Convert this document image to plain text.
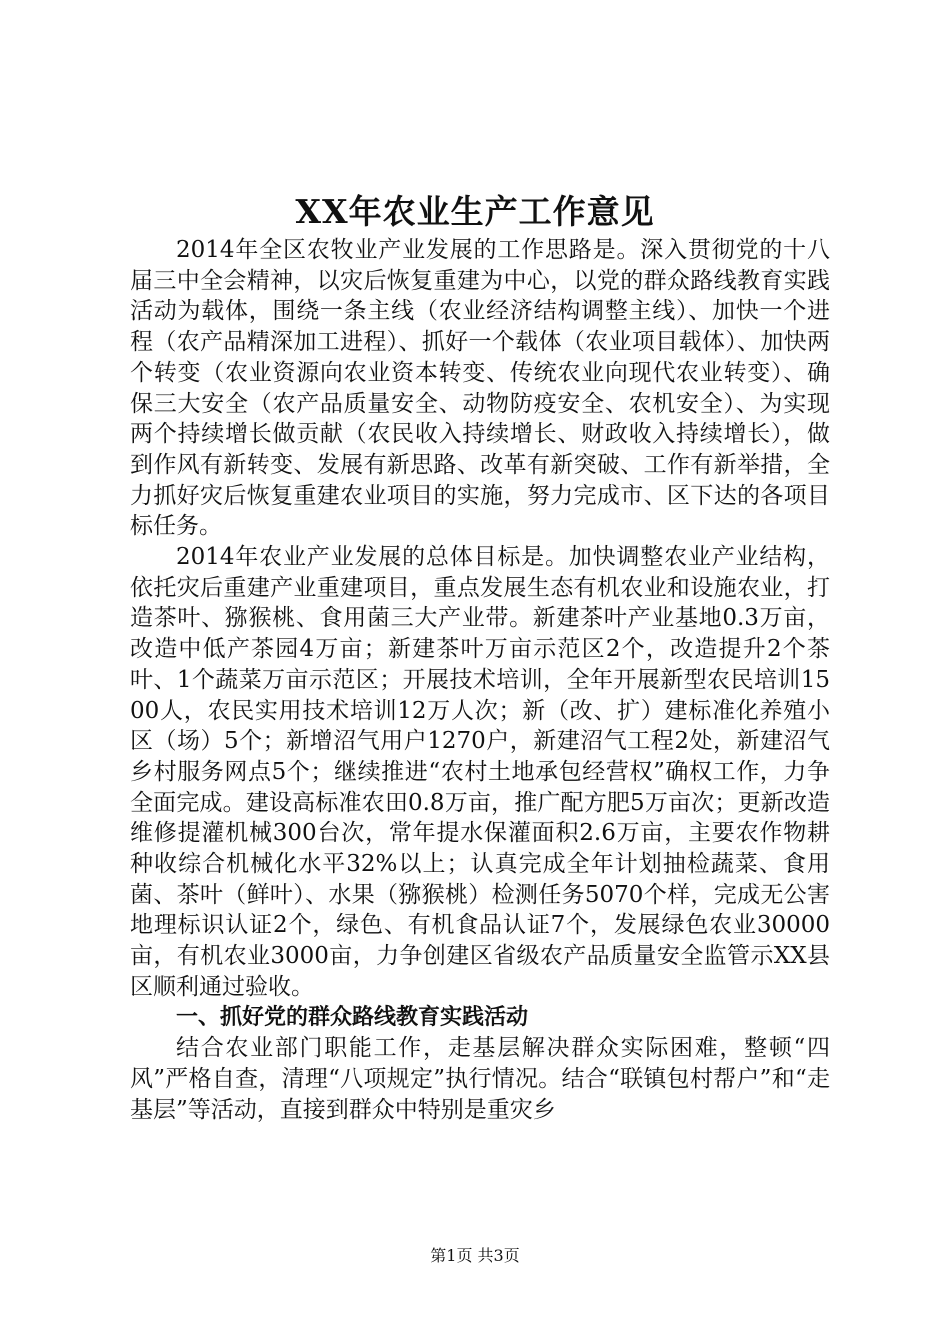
XX年农业生产工作意见

2014年全区农牧业产业发展的工作思路是。深入贯彻党的十八届三中全会精神，以灾后恢复重建为中心，以党的群众路线教育实践活动为载体，围绕一条主线（农业经济结构调整主线）、加快一个进程（农产品精深加工进程）、抓好一个载体（农业项目载体）、加快两个转变（农业资源向农业资本转变、传统农业向现代农业转变）、确保三大安全（农产品质量安全、动物防疫安全、农机安全）、为实现两个持续增长做贡献（农民收入持续增长、财政收入持续增长），做到作风有新转变、发展有新思路、改革有新突破、工作有新举措，全力抓好灾后恢复重建农业项目的实施，努力完成市、区下达的各项目标任务。

2014年农业产业发展的总体目标是。加快调整农业产业结构，依托灾后重建产业重建项目，重点发展生态有机农业和设施农业，打造茶叶、猕猴桃、食用菌三大产业带。新建茶叶产业基地0.3万亩，改造中低产茶园4万亩；新建茶叶万亩示范区2个，改造提升2个茶叶、1个蔬菜万亩示范区；开展技术培训，全年开展新型农民培训1500人，农民实用技术培训12万人次；新（改、扩）建标准化养殖小区（场）5个；新增沼气用户1270户，新建沼气工程2处，新建沼气乡村服务网点5个；继续推进“农村土地承包经营权”确权工作，力争全面完成。建设高标准农田0.8万亩，推广配方肥5万亩次；更新改造维修提灌机械300台次，常年提水保灌面积2.6万亩，主要农作物耕种收综合机械化水平32%以上；认真完成全年计划抽检蔬菜、食用菌、茶叶（鲜叶）、水果（猕猴桃）检测任务5070个样，完成无公害地理标识认证2个，绿色、有机食品认证7个，发展绿色农业30000亩，有机农业3000亩，力争创建区省级农产品质量安全监管示XX县区顺利通过验收。

一、抓好党的群众路线教育实践活动

结合农业部门职能工作，走基层解决群众实际困难，整顿“四风”严格自查，清理“八项规定”执行情况。结合“联镇包村帮户”和“走基层”等活动，直接到群众中特别是重灾乡

第1页 共3页
